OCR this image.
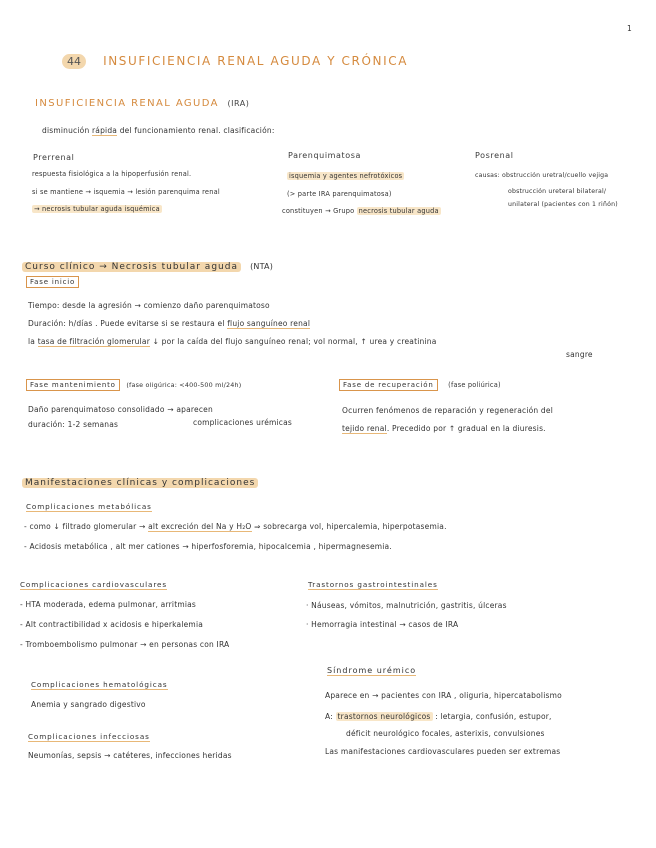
1
44 INSUFICIENCIA RENAL AGUDA Y CRÓNICA
INSUFICIENCIA RENAL AGUDA (IRA)
disminución rápida del funcionamiento renal. clasificación:
Prerrenal
respuesta fisiológica a la hipoperfusión renal.
si se mantiene → isquemia → lesión parenquima renal
→ necrosis tubular aguda isquémica
Parenquimatosa
isquemia y agentes nefrotóxicos
(> parte IRA parenquimatosa)
constituyen → Grupo necrosis tubular aguda
Posrenal
causas: obstrucción uretral/cuello vejiga
obstrucción ureteral bilateral/
unilateral (pacientes con 1 riñón)
Curso clínico → Necrosis tubular aguda (NTA)
Fase inicio
Tiempo: desde la agresión → comienzo daño parenquimatoso
Duración: h/días . Puede evitarse si se restaura el flujo sanguíneo renal
la tasa de filtración glomerular ↓ por la caída del flujo sanguíneo renal; vol normal, ↑ urea y creatinina
sangre
Fase mantenimiento (fase oligúrica: <400-500 ml/24h)
Daño parenquimatoso consolidado → aparecen
duración: 1-2 semanas	complicaciones urémicas
Fase de recuperación (fase poliúrica)
Ocurren fenómenos de reparación y regeneración del
tejido renal. Precedido por ↑ gradual en la diuresis.
Manifestaciones clínicas y complicaciones
Complicaciones metabólicas
- como ↓ filtrado glomerular → alt excreción del Na y H₂O ⇒ sobrecarga vol, hipercalemia, hiperpotasemia.
- Acidosis metabólica , alt mer cationes → hiperfosforemia, hipocalcemia , hipermagnesemia.
Complicaciones cardiovasculares
- HTA moderada, edema pulmonar, arritmias
- Alt contractibilidad x acidosis e hiperkalemia
- Tromboembolismo pulmonar → en personas con IRA
Trastornos gastrointestinales
· Náuseas, vómitos, malnutrición, gastritis, úlceras
· Hemorragia intestinal → casos de IRA
Complicaciones hematológicas
Anemia y sangrado digestivo
Complicaciones infecciosas
Neumonías, sepsis → catéteres, infecciones heridas
Síndrome urémico
Aparece en → pacientes con IRA , oliguria, hipercatabolismo
A: trastornos neurológicos : letargia, confusión, estupor,
déficit neurológico focales, asterixis, convulsiones
Las manifestaciones cardiovasculares pueden ser extremas
